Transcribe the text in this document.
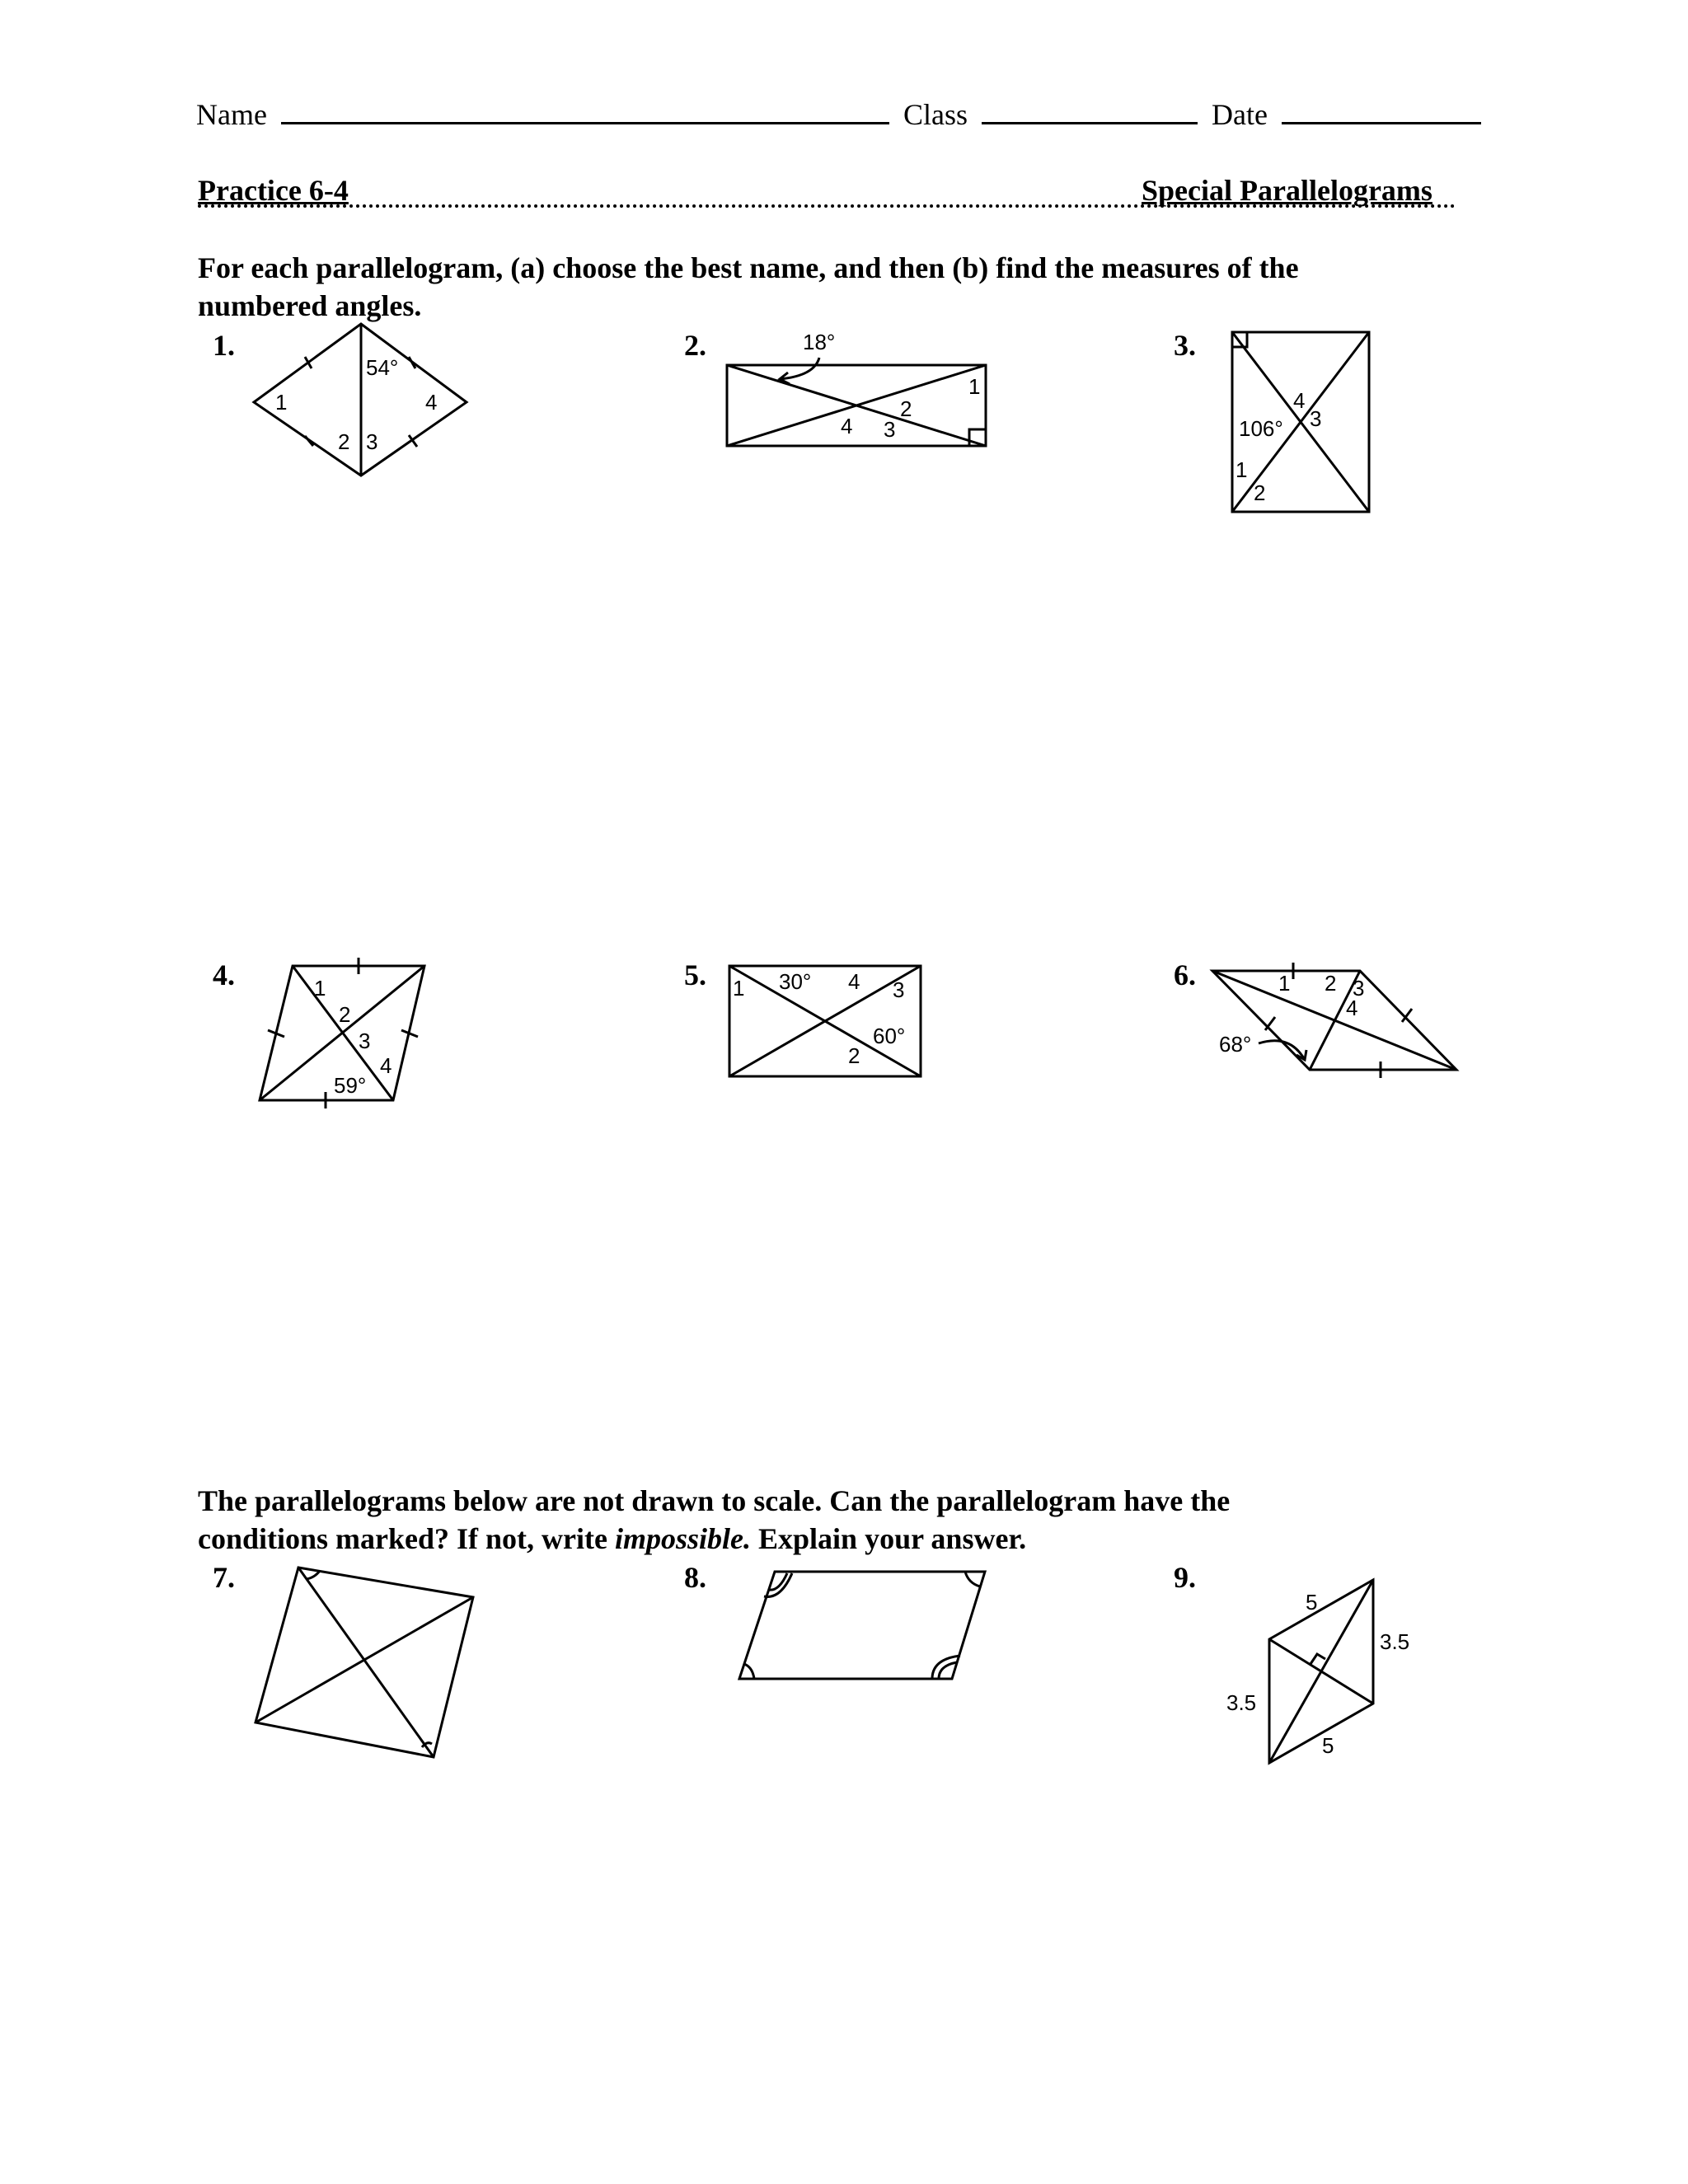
Name	Class	Date
Practice 6-4	Special Parallelograms
For each parallelogram, (a) choose the best name, and then (b) find the measures of the
numbered angles.
1.	2.	3.
54°
1	4
2 3
18°
1
2
4 3
4
3
106°
1
2
4.	5.	6.
1
2
3
4
59°
1 30° 4 3
60°
2	68°
1 2 3
4
The parallelograms below are not drawn to scale. Can the parallelogram have the
conditions marked? If not, write impossible. Explain your answer.
7.	8.	9.
5
3.5
3.5
5
